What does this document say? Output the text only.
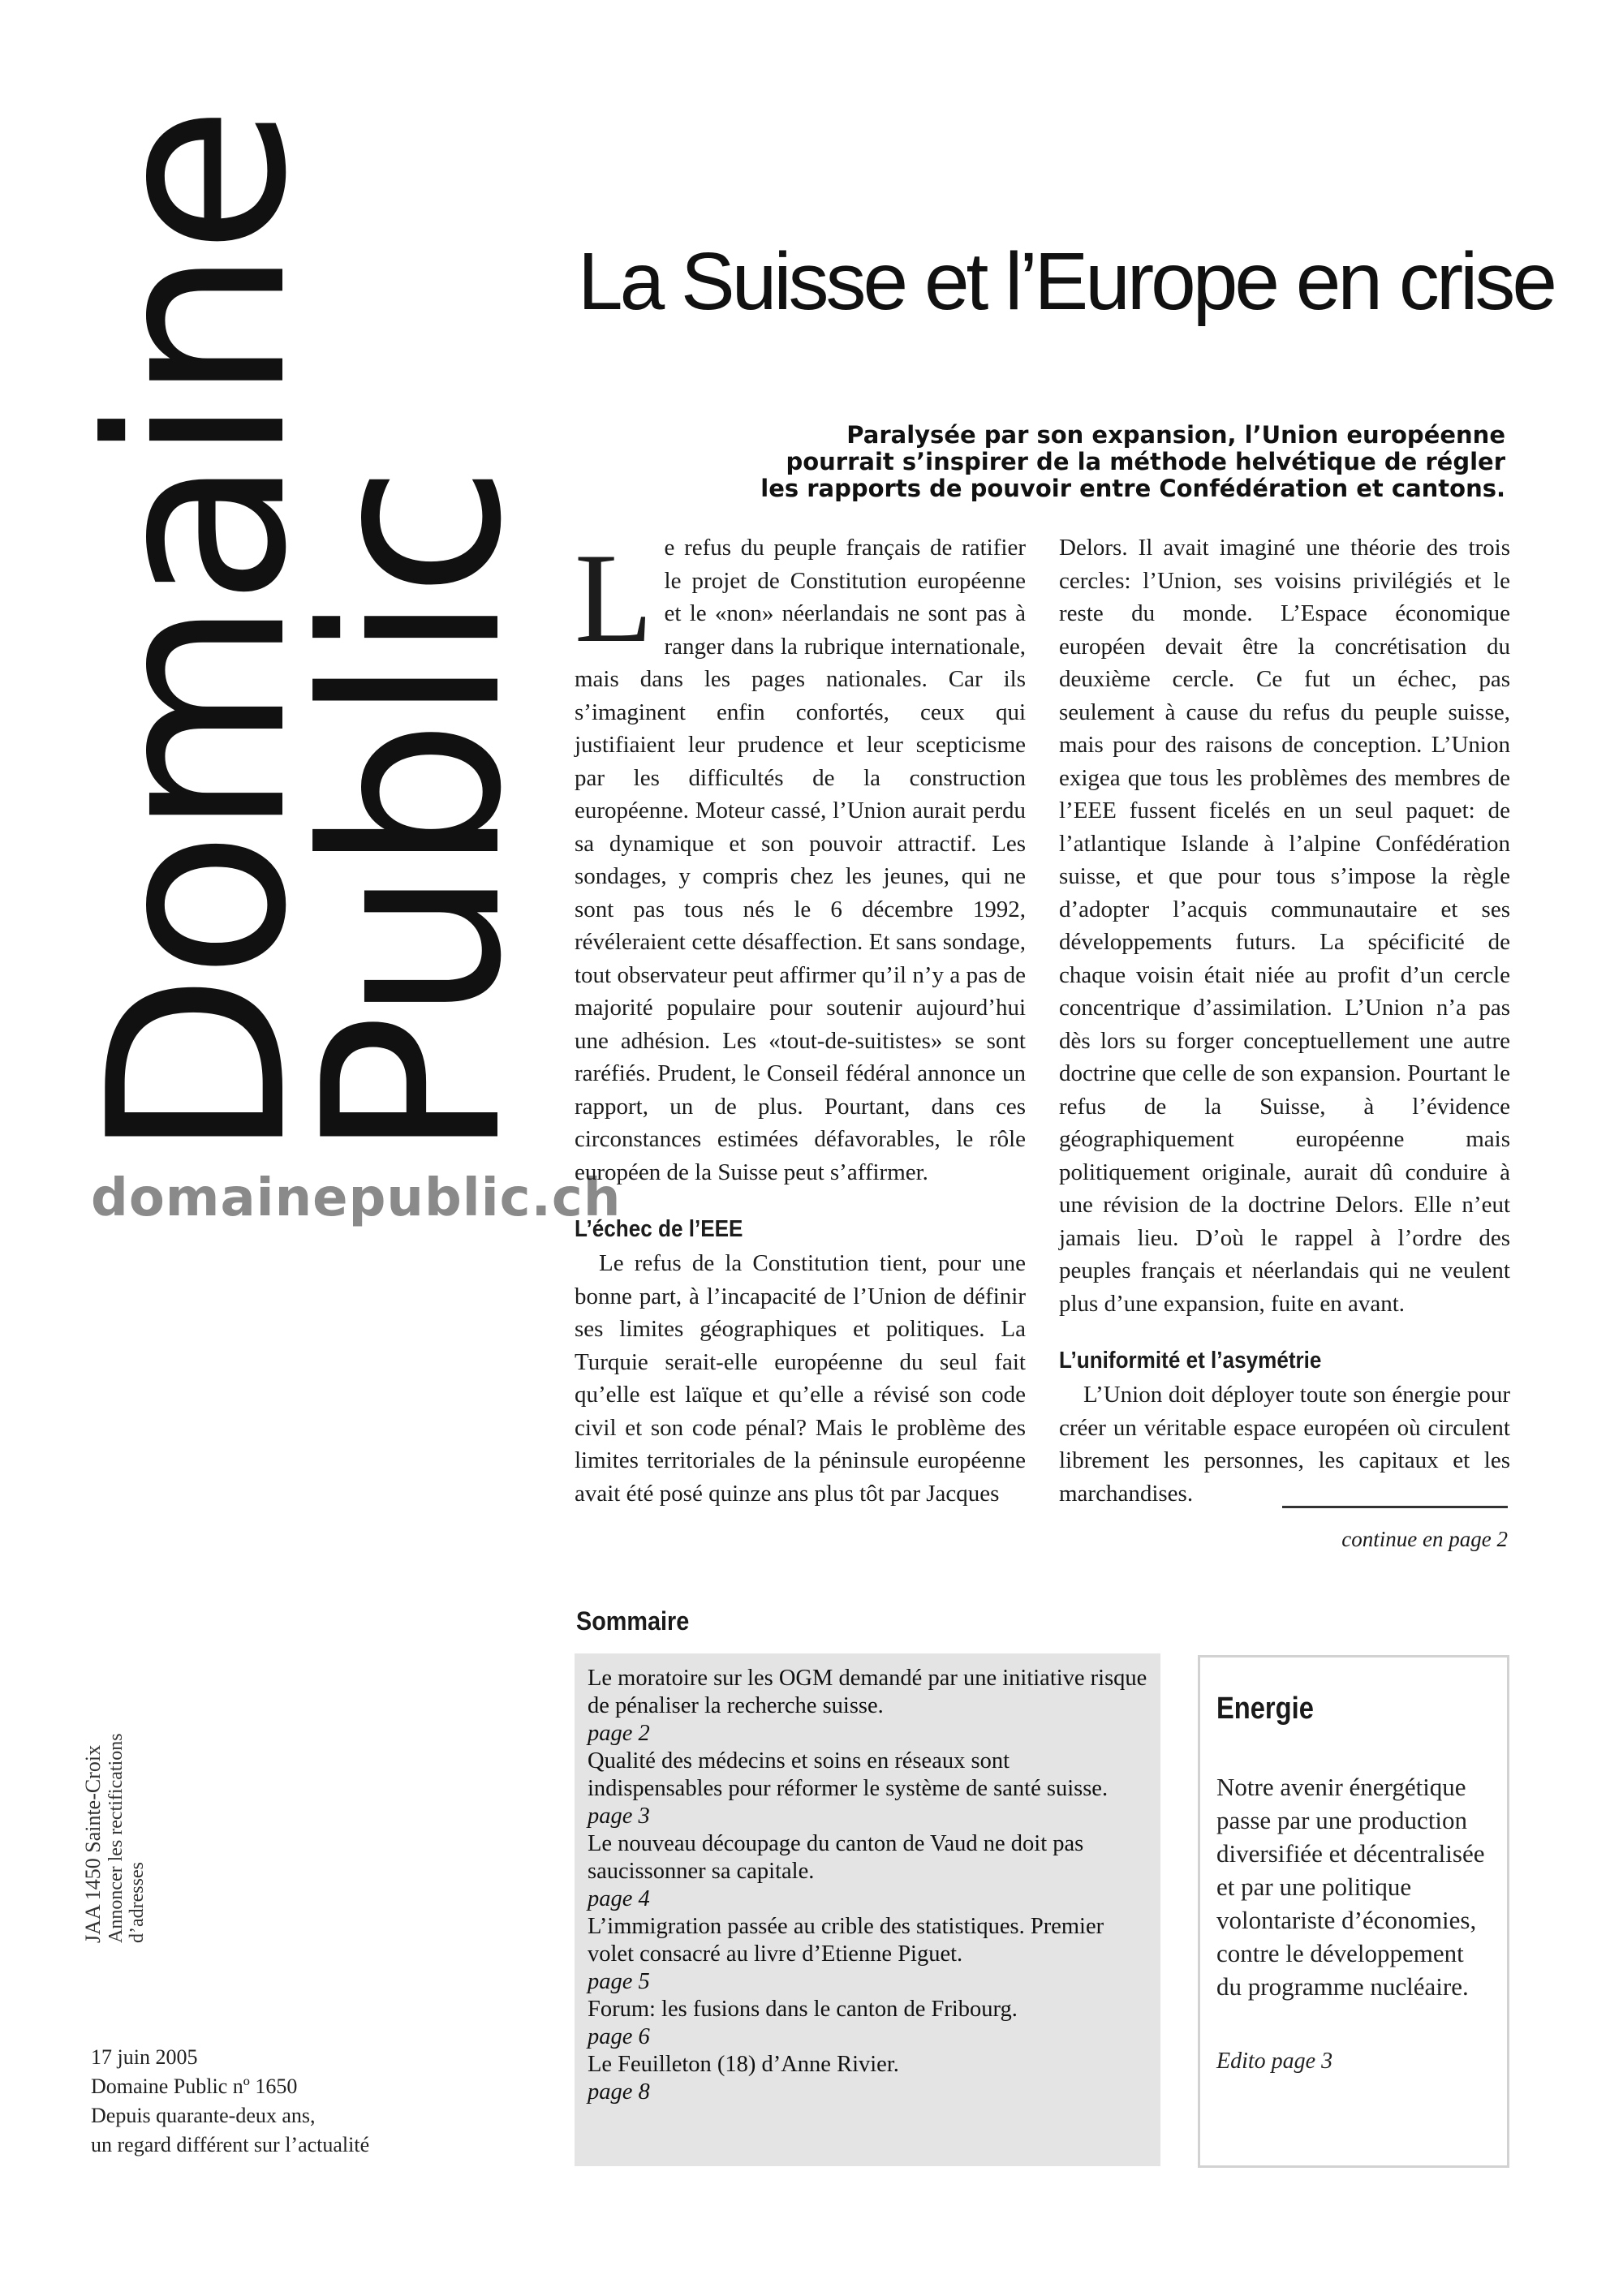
Domaine
Public
domainepublic.ch
La Suisse et l’Europe en crise
Paralysée par son expansion, l’Union européenne
pourrait s’inspirer de la méthode helvétique de régler
les rapports de pouvoir entre Confédération et cantons.

Le refus du peuple français de ratifier le projet de Constitution européenne et le «non» néerlandais ne sont pas à ranger dans la rubrique internationale, mais dans les pages nationales. Car ils s’imaginent enfin confortés, ceux qui justifiaient leur prudence et leur scepticisme par les difficultés de la construction européenne. Moteur cassé, l’Union aurait perdu sa dynamique et son pouvoir attractif. Les sondages, y compris chez les jeunes, qui ne sont pas tous nés le 6 décembre 1992, révéleraient cette désaffection. Et sans sondage, tout observateur peut affirmer qu’il n’y a pas de majorité populaire pour soutenir aujourd’hui une adhésion. Les «tout-de-suitistes» se sont raréfiés. Prudent, le Conseil fédéral annonce un rapport, un de plus. Pourtant, dans ces circonstances estimées défavorables, le rôle européen de la Suisse peut s’affirmer.

L’échec de l’EEE

Le refus de la Constitution tient, pour une bonne part, à l’incapacité de l’Union de définir ses limites géographiques et politiques. La Turquie serait-elle européenne du seul fait qu’elle est laïque et qu’elle a révisé son code civil et son code pénal? Mais le problème des limites territoriales de la péninsule européenne avait été posé quinze ans plus tôt par Jacques

Delors. Il avait imaginé une théorie des trois cercles: l’Union, ses voisins privilégiés et le reste du monde. L’Espace économique européen devait être la concrétisation du deuxième cercle. Ce fut un échec, pas seulement à cause du refus du peuple suisse, mais pour des raisons de conception. L’Union exigea que tous les problèmes des membres de l’EEE fussent ficelés en un seul paquet: de l’atlantique Islande à l’alpine Confédération suisse, et que pour tous s’impose la règle d’adopter l’acquis communautaire et ses développements futurs. La spécificité de chaque voisin était niée au profit d’un cercle concentrique d’assimilation. L’Union n’a pas dès lors su forger conceptuellement une autre doctrine que celle de son expansion. Pourtant le refus de la Suisse, à l’évidence géographiquement européenne mais politiquement originale, aurait dû conduire à une révision de la doctrine Delors. Elle n’eut jamais lieu. D’où le rappel à l’ordre des peuples français et néerlandais qui ne veulent plus d’une expansion, fuite en avant.

L’uniformité et l’asymétrie

L’Union doit déployer toute son énergie pour créer un véritable espace européen où circulent librement les personnes, les capitaux et les marchandises.

continue en page 2
Sommaire
Le moratoire sur les OGM demandé par une initiative risque de pénaliser la recherche suisse.
page 2
Qualité des médecins et soins en réseaux sont indispensables pour réformer le système de santé suisse.
page 3
Le nouveau découpage du canton de Vaud ne doit pas saucissonner sa capitale.
page 4
L’immigration passée au crible des statistiques. Premier volet consacré au livre d’Etienne Piguet.
page 5
Forum: les fusions dans le canton de Fribourg.
page 6
Le Feuilleton (18) d’Anne Rivier.
page 8
Energie
Notre avenir énergétique passe par une production diversifiée et décentralisée et par une politique volontariste d’économies, contre le développement du programme nucléaire.
Edito page 3
JAA 1450 Sainte-Croix Annoncer les rectifications d’adresses
17 juin 2005
Domaine Public nº 1650
Depuis quarante-deux ans,
un regard différent sur l’actualité
